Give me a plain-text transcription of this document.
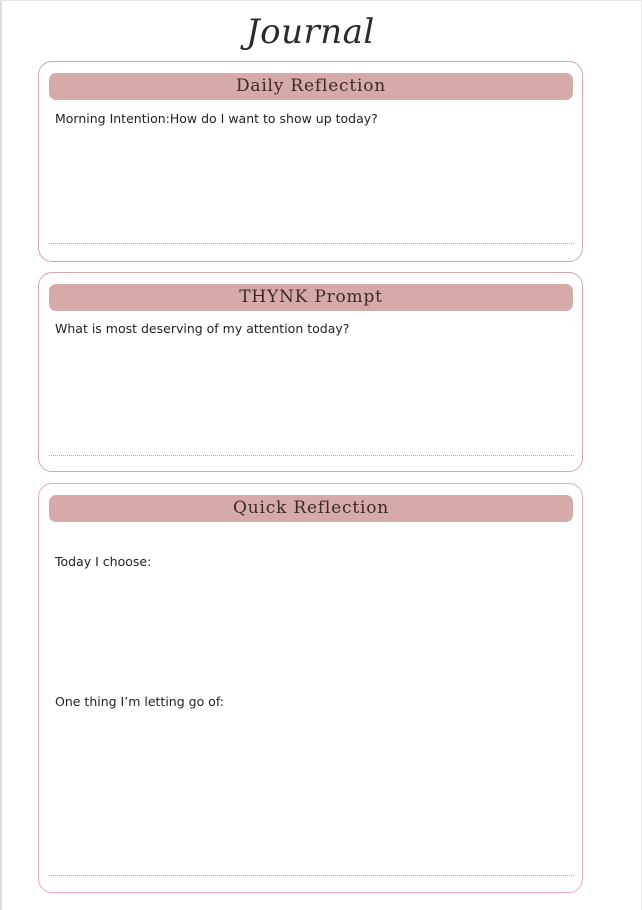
Journal
Daily Reflection
Morning Intention:How do I want to show up today?
THYNK Prompt
What is most deserving of my attention today?
Quick Reflection
Today I choose:
One thing I’m letting go of:
